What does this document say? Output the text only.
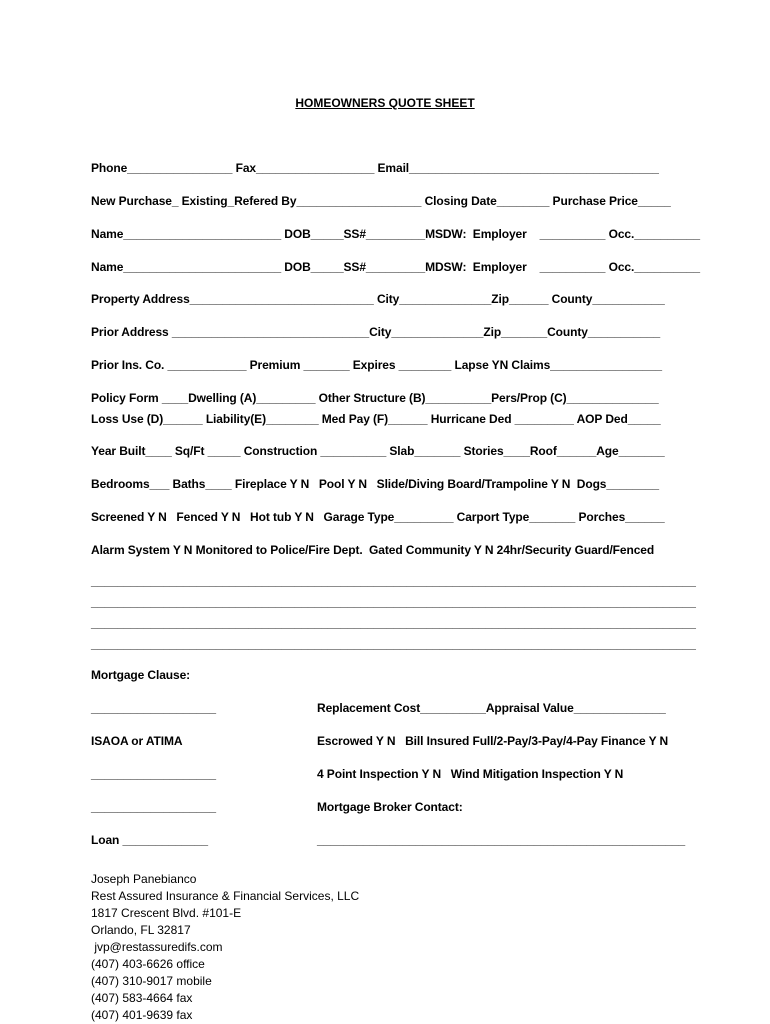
HOMEOWNERS QUOTE SHEET
Phone________________ Fax__________________ Email______________________________________
New Purchase_ Existing_Refered By___________________ Closing Date________ Purchase Price_____
Name________________________ DOB_____SS#_________MSDW:  Employer    __________ Occ.__________
Name________________________ DOB_____SS#_________MDSW:  Employer    __________ Occ.__________
Property Address____________________________ City______________Zip______ County___________
Prior Address ______________________________City______________Zip_______County___________
Prior Ins. Co. ____________ Premium _______ Expires ________ Lapse YN Claims_________________
Policy Form ____Dwelling (A)_________ Other Structure (B)__________Pers/Prop (C)______________
Loss Use (D)______ Liability(E)________ Med Pay (F)______ Hurricane Ded _________ AOP Ded_____
Year Built____ Sq/Ft _____ Construction __________ Slab_______ Stories____Roof______Age_______
Bedrooms___ Baths____ Fireplace Y N   Pool Y N   Slide/Diving Board/Trampoline Y N  Dogs________
Screened Y N   Fenced Y N   Hot tub Y N   Garage Type_________ Carport Type_______ Porches______
Alarm System Y N Monitored to Police/Fire Dept.  Gated Community Y N 24hr/Security Guard/Fenced
____________________________________________________________________________________________
____________________________________________________________________________________________
____________________________________________________________________________________________
____________________________________________________________________________________________
Mortgage Clause:
___________________
ISAOA or ATIMA
___________________
___________________
Loan _____________
Replacement Cost__________Appraisal Value______________
Escrowed Y N   Bill Insured Full/2-Pay/3-Pay/4-Pay Finance Y N
4 Point Inspection Y N   Wind Mitigation Inspection Y N
Mortgage Broker Contact:
________________________________________________________
Joseph Panebianco
Rest Assured Insurance & Financial Services, LLC
1817 Crescent Blvd. #101-E
Orlando, FL 32817
jvp@restassuredifs.com
(407) 403-6626 office
(407) 310-9017 mobile
(407) 583-4664 fax
(407) 401-9639 fax
